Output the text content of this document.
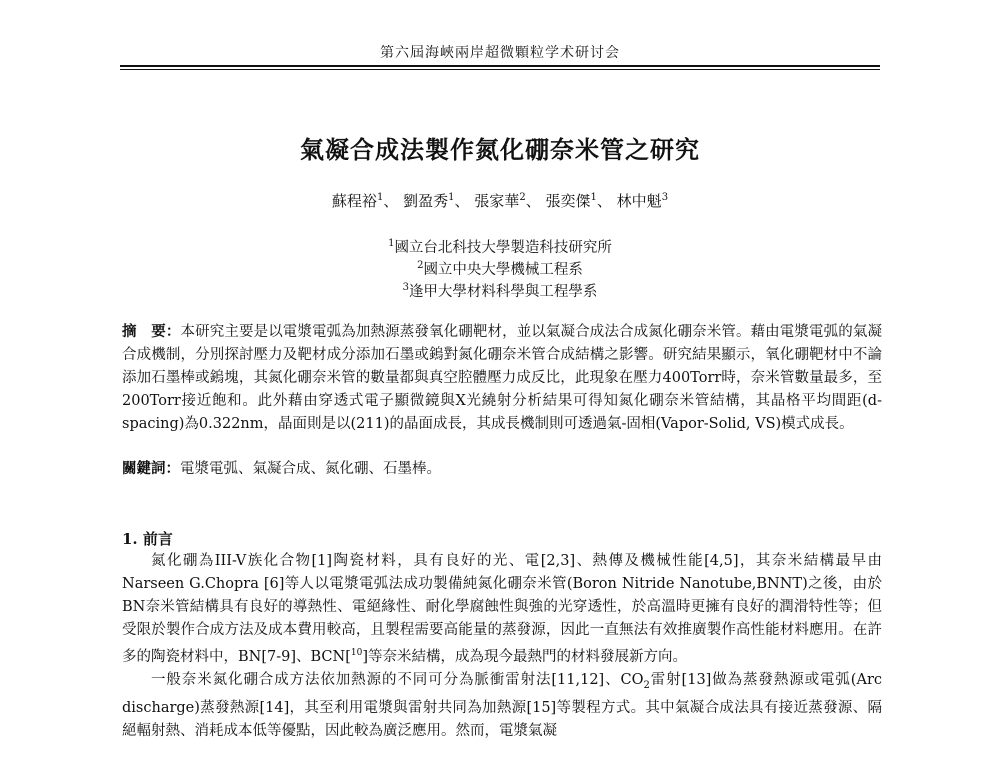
第六屆海峽兩岸超微顆粒学术研讨会
氣凝合成法製作氮化硼奈米管之研究
蘇程裕$^1$、 劉盈秀$^1$、 張家華$^2$、 張奕傑$^1$、 林中魁$^3$
$^1$國立台北科技大學製造科技研究所
$^2$國立中央大學機械工程系
$^3$逢甲大學材料科學與工程學系
摘　要：本研究主要是以電漿電弧為加熱源蒸發氧化硼靶材，並以氣凝合成法合成氮化硼奈米管。藉由電漿電弧的氣凝合成機制，分別探討壓力及靶材成分添加石墨或鎢對氮化硼奈米管合成結構之影響。研究結果顯示，氧化硼靶材中不論添加石墨棒或鎢塊，其氮化硼奈米管的數量都與真空腔體壓力成反比，此現象在壓力400Torr時，奈米管數量最多，至200Torr接近飽和。此外藉由穿透式電子顯微鏡與X光繞射分析結果可得知氮化硼奈米管結構，其晶格平均間距(d-spacing)為0.322nm，晶面則是以(211)的晶面成長，其成長機制則可透過氣-固相(Vapor-Solid, VS)模式成長。
關鍵詞：電漿電弧、氣凝合成、氮化硼、石墨棒。
1. 前言

氮化硼為III-V族化合物[1]陶瓷材料，具有良好的光、電[2,3]、熱傳及機械性能[4,5]，其奈米結構最早由Narseen G.Chopra [6]等人以電漿電弧法成功製備純氮化硼奈米管(Boron Nitride Nanotube,BNNT)之後，由於BN奈米管結構具有良好的導熱性、電絕緣性、耐化學腐蝕性與強的光穿透性，於高溫時更擁有良好的潤滑特性等；但受限於製作合成方法及成本費用較高，且製程需要高能量的蒸發源，因此一直無法有效推廣製作高性能材料應用。在許多的陶瓷材料中，BN[7-9]、BCN[$^{10}$]等奈米結構，成為現今最熱門的材料發展新方向。

一般奈米氮化硼合成方法依加熱源的不同可分為脈衝雷射法[11,12]、$CO_2$雷射[13]做為蒸發熱源或電弧(Arc discharge)蒸發熱源[14]，其至利用電漿與雷射共同為加熱源[15]等製程方式。其中氣凝合成法具有接近蒸發源、隔絕輻射熱、消耗成本低等優點，因此較為廣泛應用。然而，電漿氣凝
